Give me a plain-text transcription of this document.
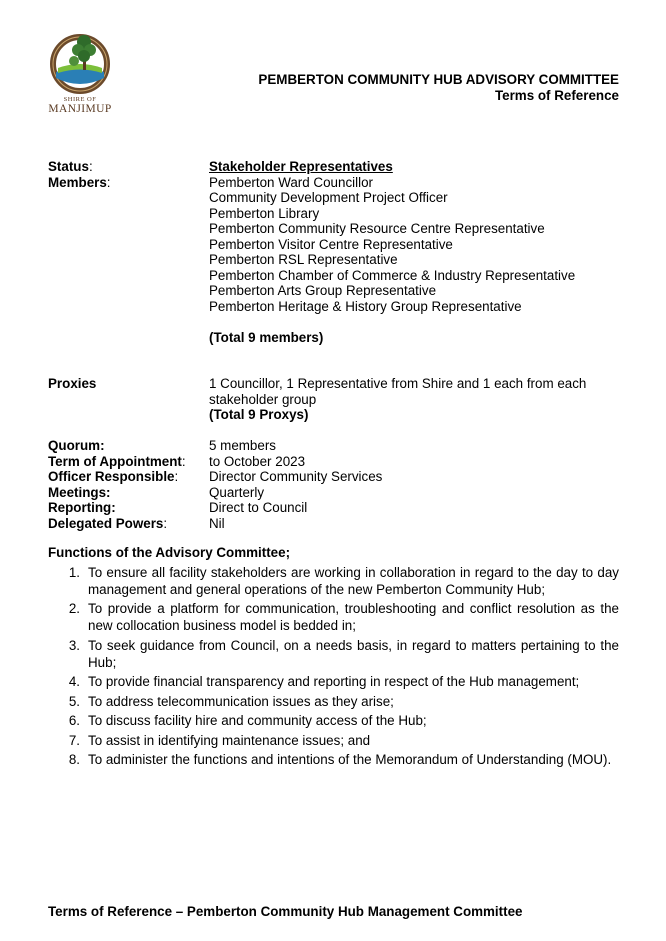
SHIRE OF
MANJIMUP
PEMBERTON COMMUNITY HUB ADVISORY COMMITTEE
Terms of Reference
Status:	Stakeholder Representatives
Members:	Pemberton Ward Councillor
Community Development Project Officer
Pemberton Library
Pemberton Community Resource Centre Representative
Pemberton Visitor Centre Representative
Pemberton RSL Representative
Pemberton Chamber of Commerce & Industry Representative
Pemberton Arts Group Representative
Pemberton Heritage & History Group Representative
(Total 9 members)
Proxies	1 Councillor, 1 Representative from Shire and 1 each from each stakeholder group
(Total 9 Proxys)
Quorum:	5 members
Term of Appointment:	to October 2023
Officer Responsible:	Director Community Services
Meetings:	Quarterly
Reporting:	Direct to Council
Delegated Powers:	Nil
Functions of the Advisory Committee;
1. To ensure all facility stakeholders are working in collaboration in regard to the day to day management and general operations of the new Pemberton Community Hub;
2. To provide a platform for communication, troubleshooting and conflict resolution as the new collocation business model is bedded in;
3. To seek guidance from Council, on a needs basis, in regard to matters pertaining to the Hub;
4. To provide financial transparency and reporting in respect of the Hub management;
5. To address telecommunication issues as they arise;
6. To discuss facility hire and community access of the Hub;
7. To assist in identifying maintenance issues; and
8. To administer the functions and intentions of the Memorandum of Understanding (MOU).
Terms of Reference – Pemberton Community Hub Management Committee
